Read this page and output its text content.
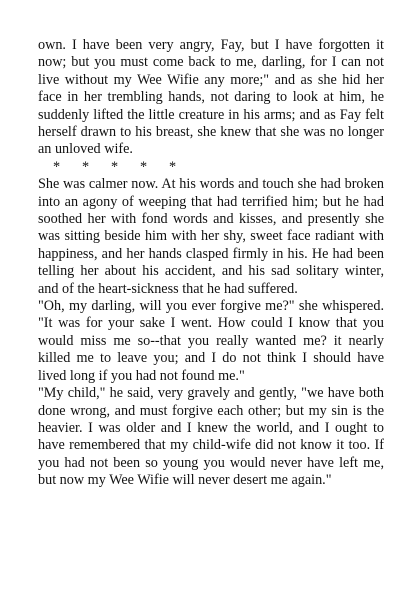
own. I have been very angry, Fay, but I have forgotten it now; but you must come back to me, darling, for I can not live without my Wee Wifie any more;" and as she hid her face in her trembling hands, not daring to look at him, he suddenly lifted the little creature in his arms; and as Fay felt herself drawn to his breast, she knew that she was no longer an unloved wife.

* * * * *

She was calmer now. At his words and touch she had broken into an agony of weeping that had terrified him; but he had soothed her with fond words and kisses, and presently she was sitting beside him with her shy, sweet face radiant with happiness, and her hands clasped firmly in his. He had been telling her about his accident, and his sad solitary winter, and of the heart-sickness that he had suffered.

"Oh, my darling, will you ever forgive me?" she whispered. "It was for your sake I went. How could I know that you would miss me so--that you really wanted me? it nearly killed me to leave you; and I do not think I should have lived long if you had not found me."

"My child," he said, very gravely and gently, "we have both done wrong, and must forgive each other; but my sin is the heavier. I was older and I knew the world, and I ought to have remembered that my child-wife did not know it too. If you had not been so young you would never have left me, but now my Wee Wifie will never desert me again."
